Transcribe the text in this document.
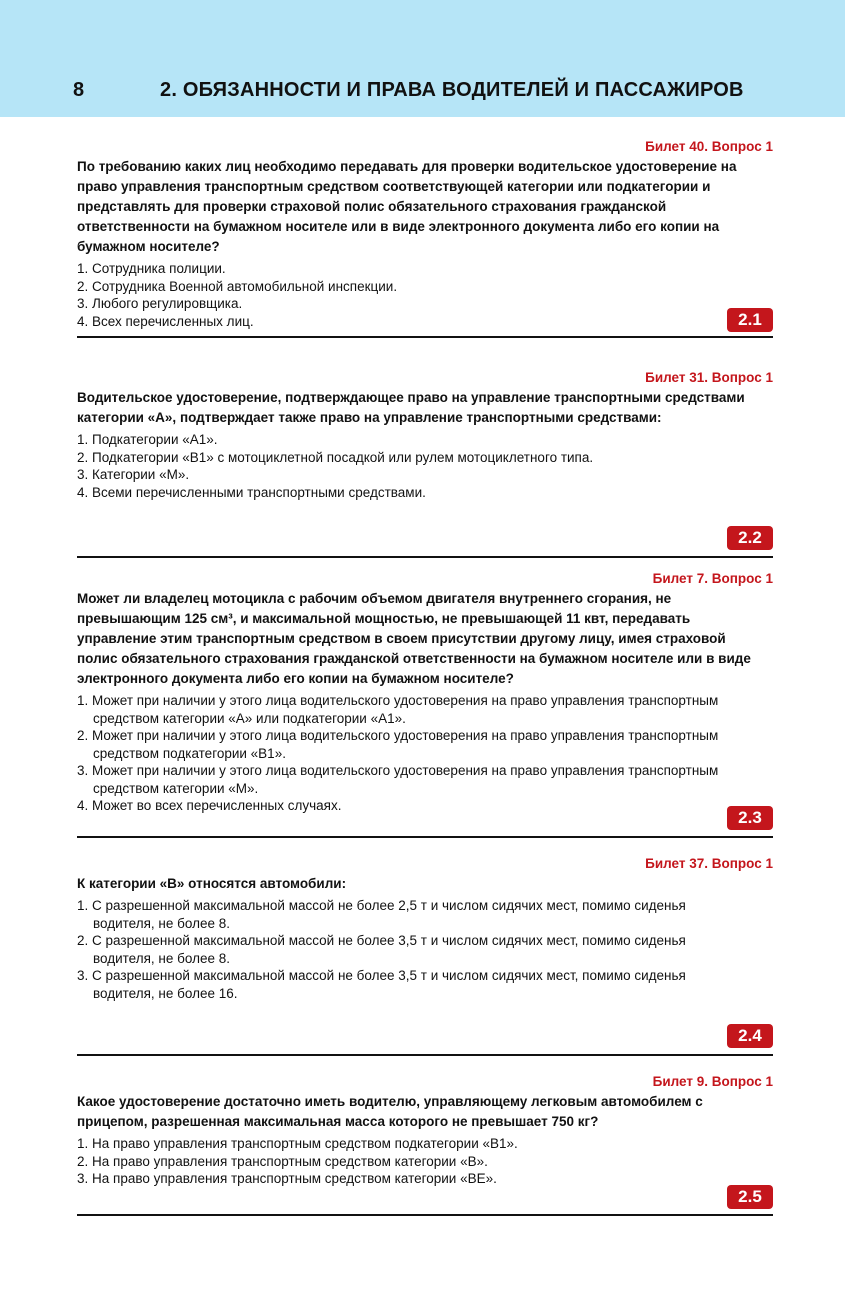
8	2. ОБЯЗАННОСТИ И ПРАВА ВОДИТЕЛЕЙ И ПАССАЖИРОВ
Билет 40. Вопрос 1
По требованию каких лиц необходимо передавать для проверки водительское удостоверение на право управления транспортным средством соответствующей категории или подкатегории и представлять для проверки страховой полис обязательного страхования гражданской ответственности на бумажном носителе или в виде электронного документа либо его копии на бумажном носителе?
1. Сотрудника полиции.
2. Сотрудника Военной автомобильной инспекции.
3. Любого регулировщика.
4. Всех перечисленных лиц.	2.1
Билет 31. Вопрос 1
Водительское удостоверение, подтверждающее право на управление транспортными средствами категории «А», подтверждает также право на управление транспортными средствами:
1. Подкатегории «А1».
2. Подкатегории «В1» с мотоциклетной посадкой или рулем мотоциклетного типа.
3. Категории «М».
4. Всеми перечисленными транспортными средствами.
2.2
Билет 7. Вопрос 1
Может ли владелец мотоцикла с рабочим объемом двигателя внутреннего сгорания, не превышающим 125 см³, и максимальной мощностью, не превышающей 11 квт, передавать управление этим транспортным средством в своем присутствии другому лицу, имея страховой полис обязательного страхования гражданской ответственности на бумажном носителе или в виде электронного документа либо его копии на бумажном носителе?
1. Может при наличии у этого лица водительского удостоверения на право управления транспортным средством категории «А» или подкатегории «А1».
2. Может при наличии у этого лица водительского удостоверения на право управления транспортным средством подкатегории «В1».
3. Может при наличии у этого лица водительского удостоверения на право управления транспортным средством категории «М».
4. Может во всех перечисленных случаях.
2.3
Билет 37. Вопрос 1
К категории «В» относятся автомобили:
1. С разрешенной максимальной массой не более 2,5 т и числом сидячих мест, помимо сиденья водителя, не более 8.
2. С разрешенной максимальной массой не более 3,5 т и числом сидячих мест, помимо сиденья водителя, не более 8.
3. С разрешенной максимальной массой не более 3,5 т и числом сидячих мест, помимо сиденья водителя, не более 16.
2.4
Билет 9. Вопрос 1
Какое удостоверение достаточно иметь водителю, управляющему легковым автомобилем с прицепом, разрешенная максимальная масса которого не превышает 750 кг?
1. На право управления транспортным средством подкатегории «В1».
2. На право управления транспортным средством категории «В».
3. На право управления транспортным средством категории «ВЕ».
2.5
